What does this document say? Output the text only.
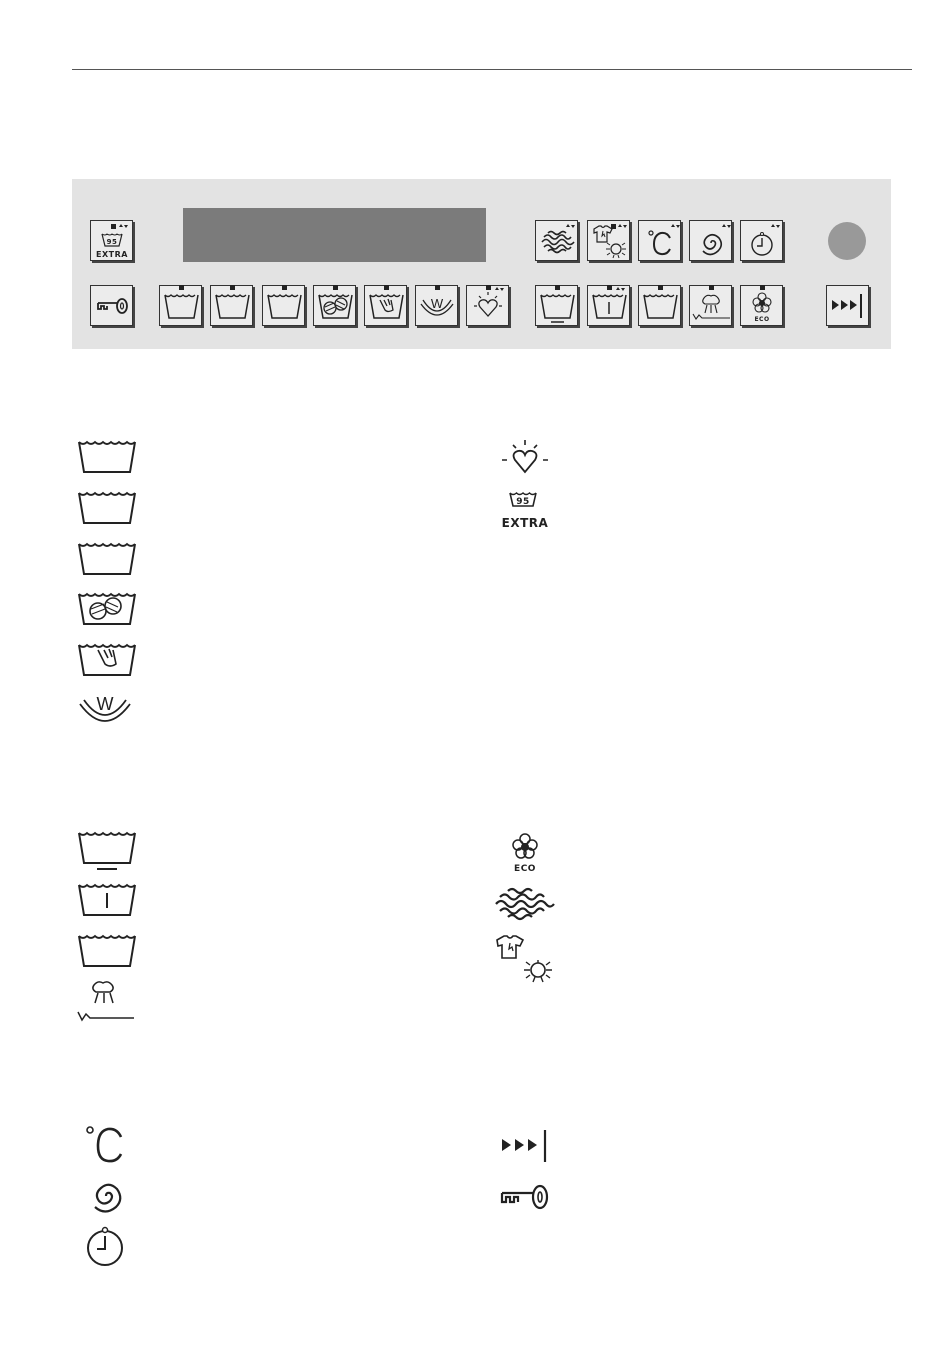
95
EXTRA
W
ECO
W
95
EXTRA
ECO
